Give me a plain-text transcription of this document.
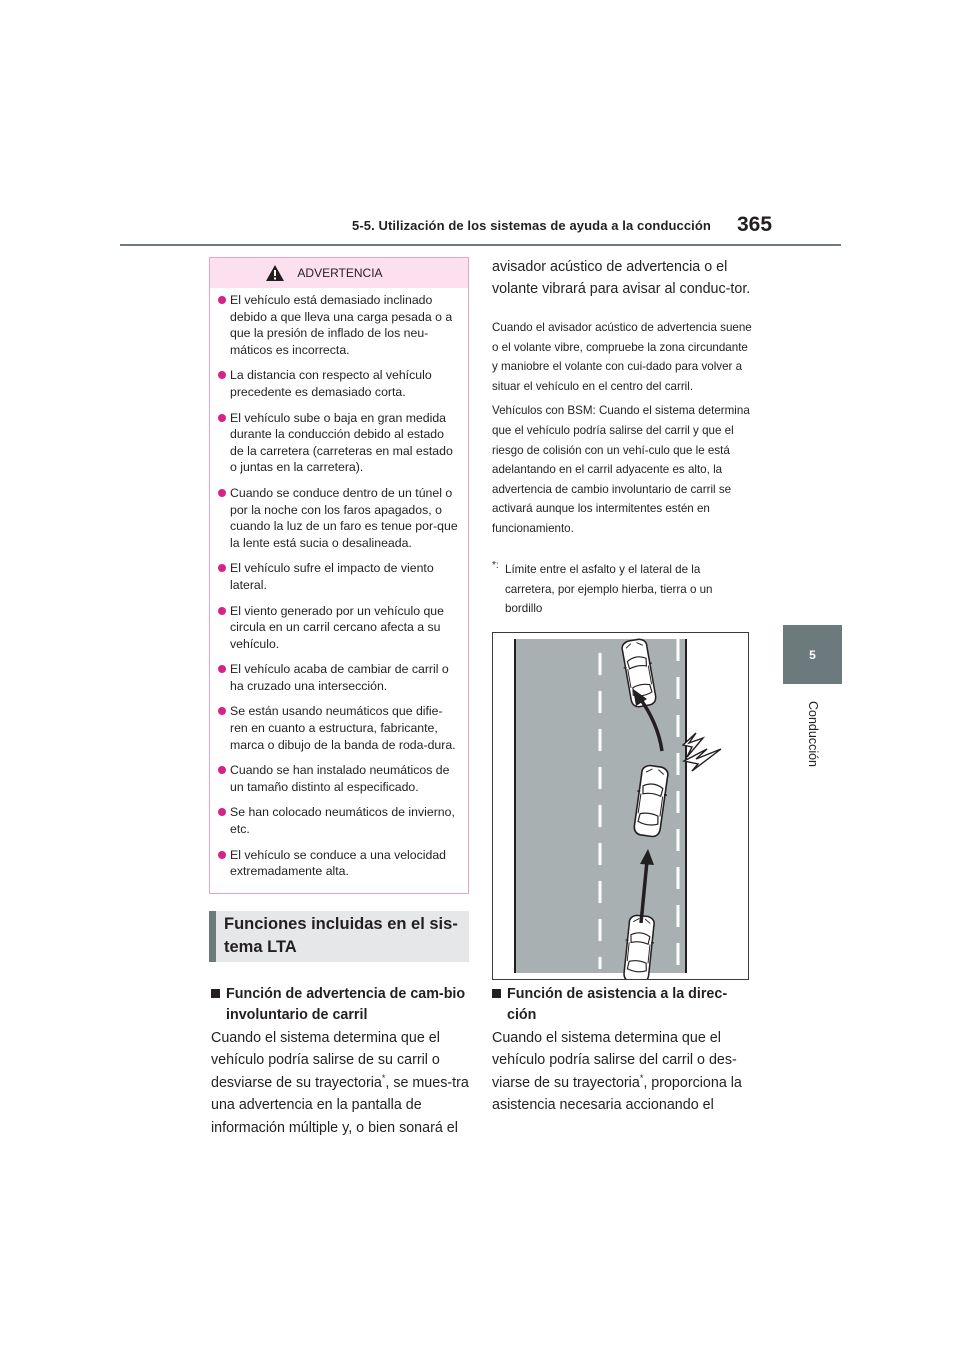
5-5. Utilización de los sistemas de ayuda a la conducción 365
5
Conducción
ADVERTENCIA
El vehículo está demasiado inclinado debido a que lleva una carga pesada o a que la presión de inflado de los neu-máticos es incorrecta.
La distancia con respecto al vehículo precedente es demasiado corta.
El vehículo sube o baja en gran medida durante la conducción debido al estado de la carretera (carreteras en mal estado o juntas en la carretera).
Cuando se conduce dentro de un túnel o por la noche con los faros apagados, o cuando la luz de un faro es tenue por-que la lente está sucia o desalineada.
El vehículo sufre el impacto de viento lateral.
El viento generado por un vehículo que circula en un carril cercano afecta a su vehículo.
El vehículo acaba de cambiar de carril o ha cruzado una intersección.
Se están usando neumáticos que difie-ren en cuanto a estructura, fabricante, marca o dibujo de la banda de roda-dura.
Cuando se han instalado neumáticos de un tamaño distinto al especificado.
Se han colocado neumáticos de invierno, etc.
El vehículo se conduce a una velocidad extremadamente alta.
Funciones incluidas en el sis-tema LTA
Función de advertencia de cam-bio involuntario de carril
Cuando el sistema determina que el vehículo podría salirse de su carril o desviarse de su trayectoria*, se mues-tra una advertencia en la pantalla de información múltiple y, o bien sonará el
avisador acústico de advertencia o el volante vibrará para avisar al conduc-tor.

Cuando el avisador acústico de advertencia suene o el volante vibre, compruebe la zona circundante y maniobre el volante con cui-dado para volver a situar el vehículo en el centro del carril.

Vehículos con BSM: Cuando el sistema determina que el vehículo podría salirse del carril y que el riesgo de colisión con un vehí-culo que le está adelantando en el carril adyacente es alto, la advertencia de cambio involuntario de carril se activará aunque los intermitentes estén en funcionamiento.

*: Límite entre el asfalto y el lateral de la carretera, por ejemplo hierba, tierra o un bordillo
Función de asistencia a la direc-ción
Cuando el sistema determina que el vehículo podría salirse del carril o des-viarse de su trayectoria*, proporciona la asistencia necesaria accionando el
